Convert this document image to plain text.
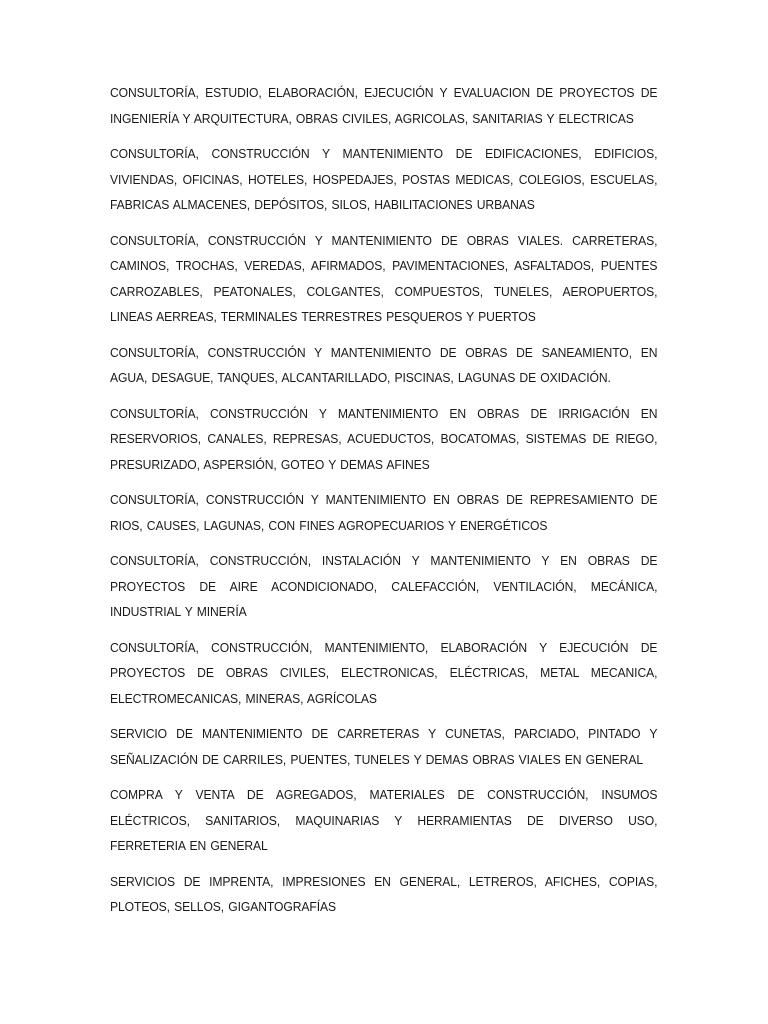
CONSULTORÍA, ESTUDIO, ELABORACIÓN, EJECUCIÓN Y EVALUACION DE PROYECTOS DE INGENIERÍA Y ARQUITECTURA, OBRAS CIVILES, AGRICOLAS, SANITARIAS Y ELECTRICAS

CONSULTORÍA, CONSTRUCCIÓN Y MANTENIMIENTO DE EDIFICACIONES, EDIFICIOS, VIVIENDAS, OFICINAS, HOTELES, HOSPEDAJES, POSTAS MEDICAS, COLEGIOS, ESCUELAS, FABRICAS ALMACENES, DEPÓSITOS, SILOS, HABILITACIONES URBANAS

CONSULTORÍA, CONSTRUCCIÓN Y MANTENIMIENTO DE OBRAS VIALES. CARRETERAS, CAMINOS, TROCHAS, VEREDAS, AFIRMADOS, PAVIMENTACIONES, ASFALTADOS, PUENTES CARROZABLES, PEATONALES, COLGANTES, COMPUESTOS, TUNELES, AEROPUERTOS, LINEAS AERREAS, TERMINALES TERRESTRES PESQUEROS Y PUERTOS

CONSULTORÍA, CONSTRUCCIÓN Y MANTENIMIENTO DE OBRAS DE SANEAMIENTO, EN AGUA, DESAGUE, TANQUES, ALCANTARILLADO, PISCINAS, LAGUNAS DE OXIDACIÓN.

CONSULTORÍA, CONSTRUCCIÓN Y MANTENIMIENTO EN OBRAS DE IRRIGACIÓN EN RESERVORIOS, CANALES, REPRESAS, ACUEDUCTOS, BOCATOMAS, SISTEMAS DE RIEGO, PRESURIZADO, ASPERSIÓN, GOTEO Y DEMAS AFINES

CONSULTORÍA, CONSTRUCCIÓN Y MANTENIMIENTO EN OBRAS DE REPRESAMIENTO DE RIOS, CAUSES, LAGUNAS, CON FINES AGROPECUARIOS Y ENERGÉTICOS

CONSULTORÍA, CONSTRUCCIÓN, INSTALACIÓN Y MANTENIMIENTO Y EN OBRAS DE PROYECTOS DE AIRE ACONDICIONADO, CALEFACCIÓN, VENTILACIÓN, MECÁNICA, INDUSTRIAL Y MINERÍA

CONSULTORÍA, CONSTRUCCIÓN, MANTENIMIENTO, ELABORACIÓN Y EJECUCIÓN DE PROYECTOS DE OBRAS CIVILES, ELECTRONICAS, ELÉCTRICAS, METAL MECANICA, ELECTROMECANICAS, MINERAS, AGRÍCOLAS

SERVICIO DE MANTENIMIENTO DE CARRETERAS Y CUNETAS, PARCIADO, PINTADO Y SEÑALIZACIÓN DE CARRILES, PUENTES, TUNELES Y DEMAS OBRAS VIALES EN GENERAL

COMPRA Y VENTA DE AGREGADOS, MATERIALES DE CONSTRUCCIÓN, INSUMOS ELÉCTRICOS, SANITARIOS, MAQUINARIAS Y HERRAMIENTAS DE DIVERSO USO, FERRETERIA EN GENERAL

SERVICIOS DE IMPRENTA, IMPRESIONES EN GENERAL, LETREROS, AFICHES, COPIAS, PLOTEOS, SELLOS, GIGANTOGRAFÍAS
